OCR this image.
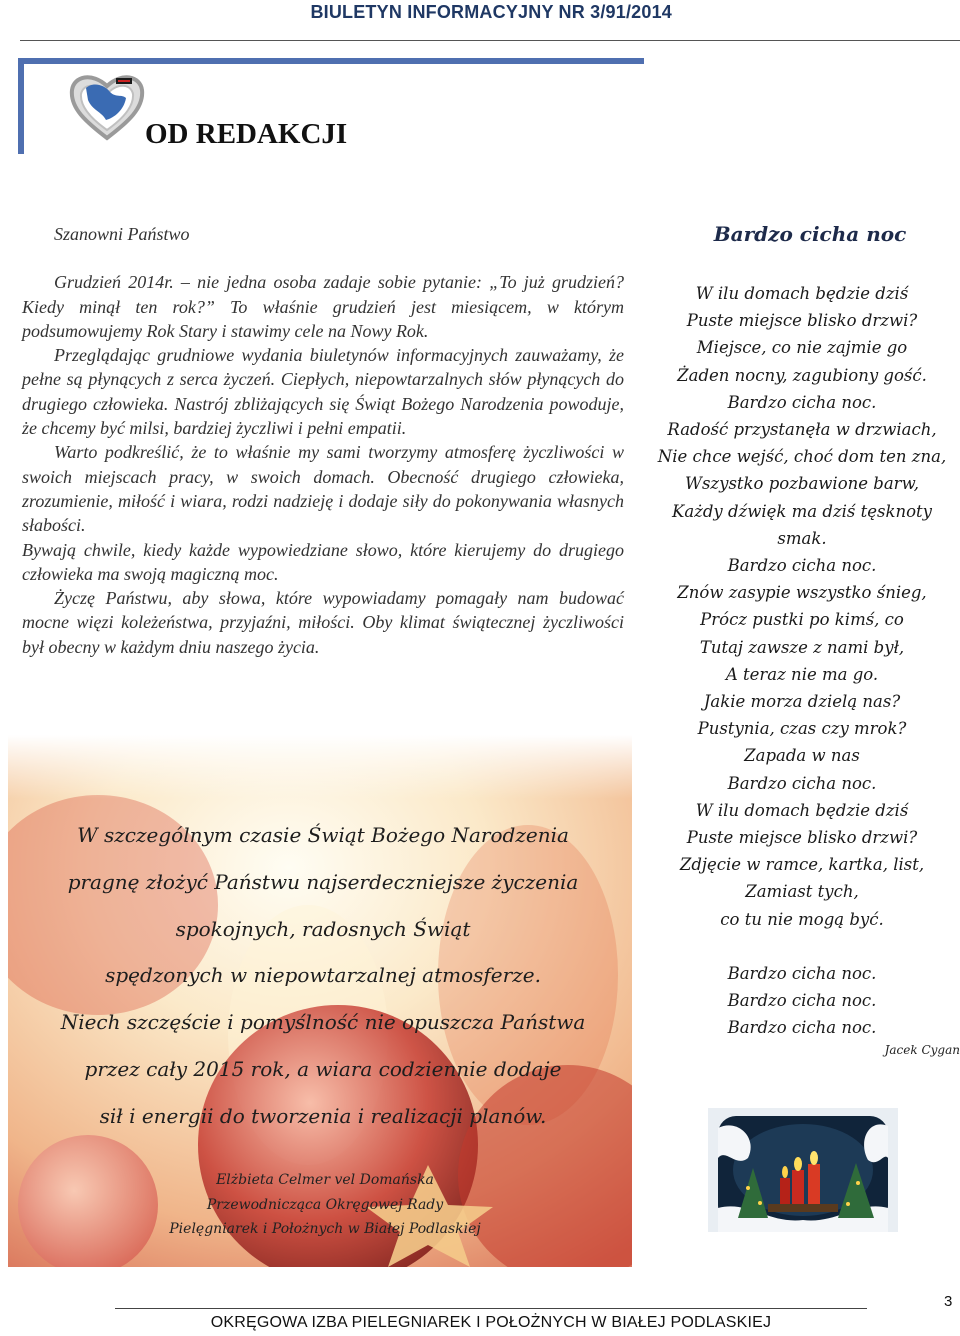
BIULETYN INFORMACYJNY NR 3/91/2014
OD REDAKCJI

Szanowni Państwo

Grudzień 2014r. – nie jedna osoba zadaje sobie pytanie: „To już grudzień? Kiedy minął ten rok?” To właśnie grudzień jest miesiącem, w którym podsumowujemy Rok Stary i stawimy cele na Nowy Rok.

Przeglądając grudniowe wydania biuletynów informacyjnych zauważamy, że pełne są płynących z serca życzeń. Ciepłych, niepowtarzalnych słów płynących do drugiego człowieka. Nastrój zbliżających się Świąt Bożego Narodzenia powoduje, że chcemy być milsi, bardziej życzliwi i pełni empatii.

Warto podkreślić, że to właśnie my sami tworzymy atmosferę życzliwości w swoich miejscach pracy, w swoich domach. Obecność drugiego człowieka, zrozumienie, miłość i wiara, rodzi nadzieję i dodaje siły do pokonywania własnych słabości.

Bywają chwile, kiedy każde wypowiedziane słowo, które kierujemy do drugiego człowieka ma swoją magiczną moc.

Życzę Państwu, aby słowa, które wypowiadamy pomagały nam budować mocne więzi koleżeństwa, przyjaźni, miłości. Oby klimat świątecznej życzliwości był obecny w każdym dniu naszego życia.

W szczególnym czasie Świąt Bożego Narodzenia
pragnę złożyć Państwu najserdeczniejsze życzenia
spokojnych, radosnych Świąt
spędzonych w niepowtarzalnej atmosferze.
Niech szczęście i pomyślność nie opuszcza Państwa
przez cały 2015 rok, a wiara codziennie dodaje
sił i energii do tworzenia i realizacji planów.
Elżbieta Celmer vel Domańska
Przewodnicząca Okręgowej Rady
Pielęgniarek i Położnych w Białej Podlaskiej
Bardzo cicha noc
W ilu domach będzie dziś
Puste miejsce blisko drzwi?
Miejsce, co nie zajmie go
Żaden nocny, zagubiony gość.
Bardzo cicha noc.
Radość przystanęła w drzwiach,
Nie chce wejść, choć dom ten zna,
Wszystko pozbawione barw,
Każdy dźwięk ma dziś tęsknoty
smak.
Bardzo cicha noc.
Znów zasypie wszystko śnieg,
Prócz pustki po kimś, co
Tutaj zawsze z nami był,
A teraz nie ma go.
Jakie morza dzielą nas?
Pustynia, czas czy mrok?
Zapada w nas
Bardzo cicha noc.
W ilu domach będzie dziś
Puste miejsce blisko drzwi?
Zdjęcie w ramce, kartka, list,
Zamiast tych,
co tu nie mogą być.
Bardzo cicha noc.
Bardzo cicha noc.
Bardzo cicha noc.
Jacek Cygan
OKRĘGOWA IZBA PIELEGNIAREK I POŁOŻNYCH W BIAŁEJ PODLASKIEJ
3
